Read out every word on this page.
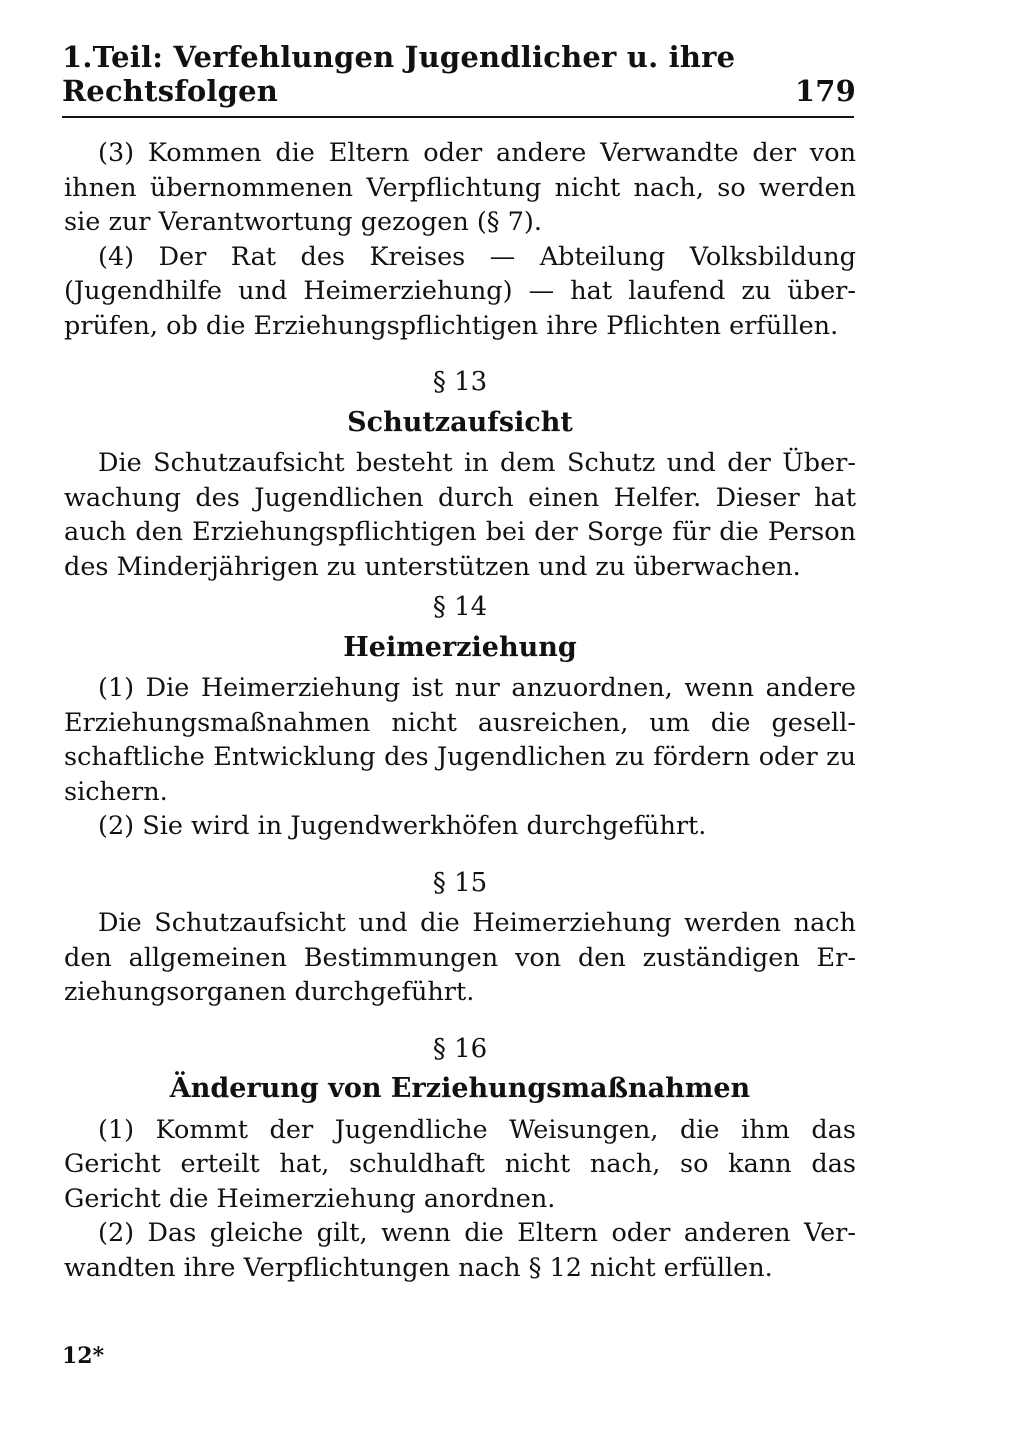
1.Teil: Verfehlungen Jugendlicher u. ihre Rechtsfolgen	179

(3) Kommen die Eltern oder andere Verwandte der von ihnen übernommenen Verpflichtung nicht nach, so werden sie zur Verantwortung gezogen (§ 7).

(4) Der Rat des Kreises — Abteilung Volksbildung (Jugendhilfe und Heimerziehung) — hat laufend zu überprüfen, ob die Erziehungspflichtigen ihre Pflichten erfüllen.

§ 13

Schutzaufsicht

Die Schutzaufsicht besteht in dem Schutz und der Überwachung des Jugendlichen durch einen Helfer. Dieser hat auch den Erziehungspflichtigen bei der Sorge für die Person des Minderjährigen zu unterstützen und zu überwachen.

§ 14

Heimerziehung

(1) Die Heimerziehung ist nur anzuordnen, wenn andere Erziehungsmaßnahmen nicht ausreichen, um die gesellschaftliche Entwicklung des Jugendlichen zu fördern oder zu sichern.

(2) Sie wird in Jugendwerkhöfen durchgeführt.

§ 15

Die Schutzaufsicht und die Heimerziehung werden nach den allgemeinen Bestimmungen von den zuständigen Erziehungsorganen durchgeführt.

§ 16

Änderung von Erziehungsmaßnahmen

(1) Kommt der Jugendliche Weisungen, die ihm das Gericht erteilt hat, schuldhaft nicht nach, so kann das Gericht die Heimerziehung anordnen.

(2) Das gleiche gilt, wenn die Eltern oder anderen Verwandten ihre Verpflichtungen nach § 12 nicht erfüllen.

12*
